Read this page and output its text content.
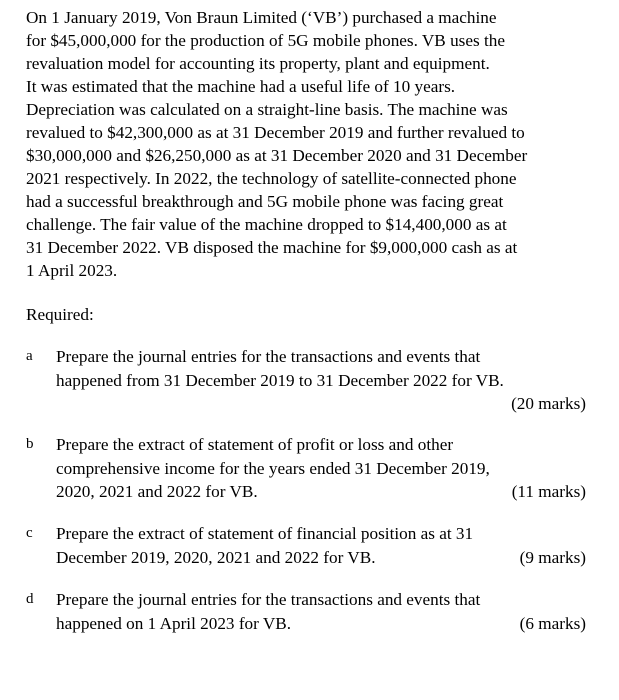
On 1 January 2019, Von Braun Limited (‘VB’) purchased a machine
for $45,000,000 for the production of 5G mobile phones. VB uses the
revaluation model for accounting its property, plant and equipment.
It was estimated that the machine had a useful life of 10 years.
Depreciation was calculated on a straight-line basis. The machine was
revalued to $42,300,000 as at 31 December 2019 and further revalued to
$30,000,000 and $26,250,000 as at 31 December 2020 and 31 December
2021 respectively. In 2022, the technology of satellite-connected phone
had a successful breakthrough and 5G mobile phone was facing great
challenge. The fair value of the machine dropped to $14,400,000 as at
31 December 2022. VB disposed the machine for $9,000,000 cash as at
1 April 2023.

Required:

a	Prepare the journal entries for the transactions and events that
happened from 31 December 2019 to 31 December 2022 for VB.
(20 marks)
b	Prepare the extract of statement of profit or loss and other
comprehensive income for the years ended 31 December 2019,
2020, 2021 and 2022 for VB.	(11 marks)
c	Prepare the extract of statement of financial position as at 31
December 2019, 2020, 2021 and 2022 for VB.	(9 marks)
d	Prepare the journal entries for the transactions and events that
happened on 1 April 2023 for VB.	(6 marks)
